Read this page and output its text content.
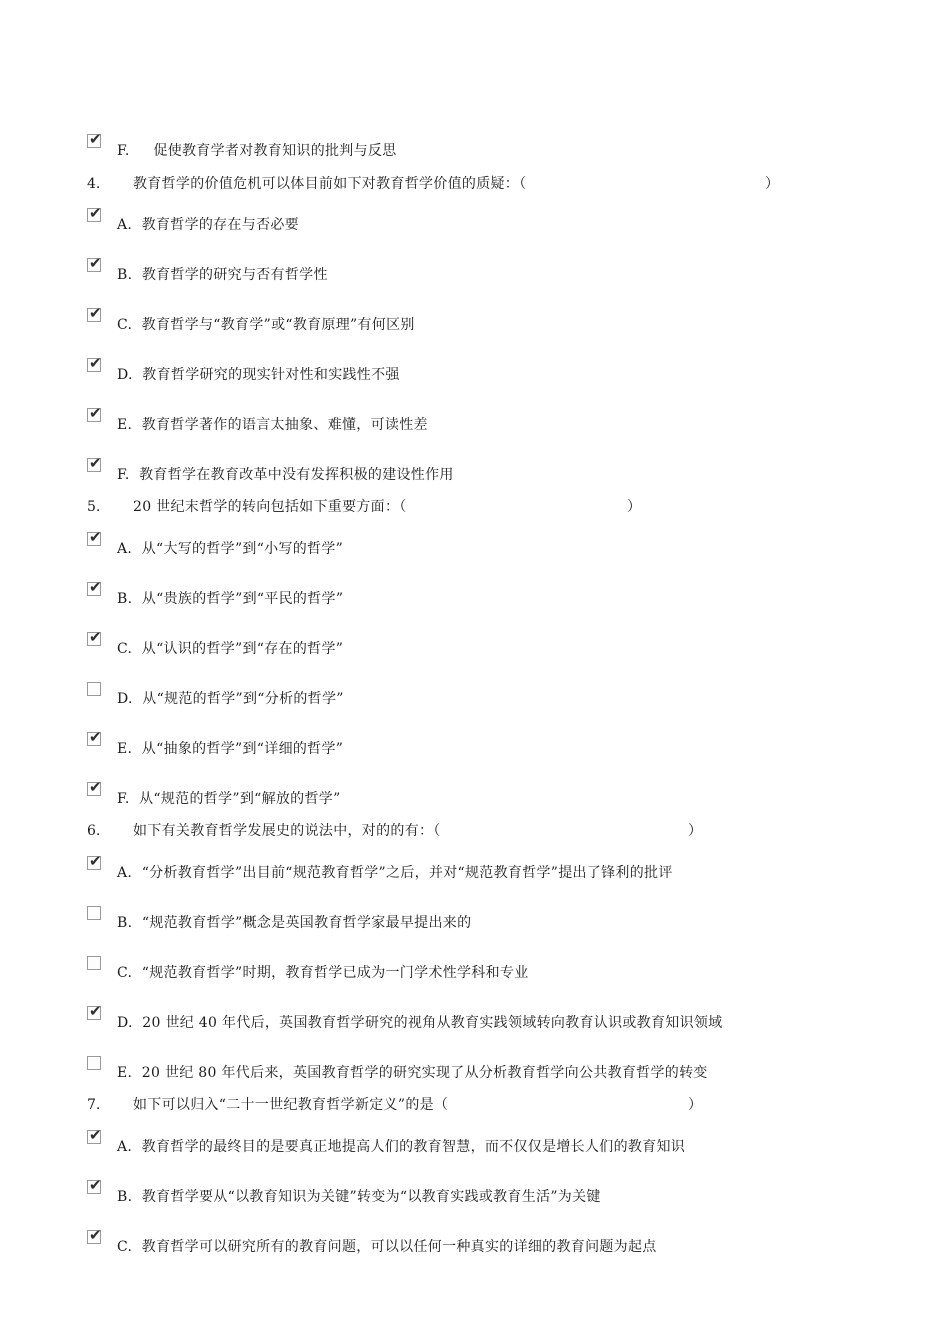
✔
F.  　促使教育学者对教育知识的批判与反思
4. 教育哲学的价值危机可以体目前如下对教育哲学价值的质疑：（	）
✔
A. 教育哲学的存在与否必要
✔
B. 教育哲学的研究与否有哲学性
✔
C. 教育哲学与“教育学”或“教育原理”有何区别
✔
D. 教育哲学研究的现实针对性和实践性不强
✔
E. 教育哲学著作的语言太抽象、难懂，可读性差
✔
F. 教育哲学在教育改革中没有发挥积极的建设性作用
5. 20 世纪末哲学的转向包括如下重要方面：（	）
✔
A. 从“大写的哲学”到“小写的哲学”
✔
B. 从“贵族的哲学”到“平民的哲学”
✔
C. 从“认识的哲学”到“存在的哲学”
D. 从“规范的哲学”到“分析的哲学”
✔
E. 从“抽象的哲学”到“详细的哲学”
✔
F. 从“规范的哲学”到“解放的哲学”
6. 如下有关教育哲学发展史的说法中，对的的有：（	）
✔
A. “分析教育哲学”出目前“规范教育哲学”之后，并对“规范教育哲学”提出了锋利的批评
B. “规范教育哲学”概念是英国教育哲学家最早提出来的
C. “规范教育哲学”时期，教育哲学已成为一门学术性学科和专业
✔
D. 20 世纪 40 年代后，英国教育哲学研究的视角从教育实践领域转向教育认识或教育知识领域
E. 20 世纪 80 年代后来，英国教育哲学的研究实现了从分析教育哲学向公共教育哲学的转变
7. 如下可以归入“二十一世纪教育哲学新定义”的是（	）
✔
A. 教育哲学的最终目的是要真正地提高人们的教育智慧，而不仅仅是增长人们的教育知识
✔
B. 教育哲学要从“以教育知识为关键”转变为“以教育实践或教育生活”为关键
✔
C. 教育哲学可以研究所有的教育问题，可以以任何一种真实的详细的教育问题为起点
